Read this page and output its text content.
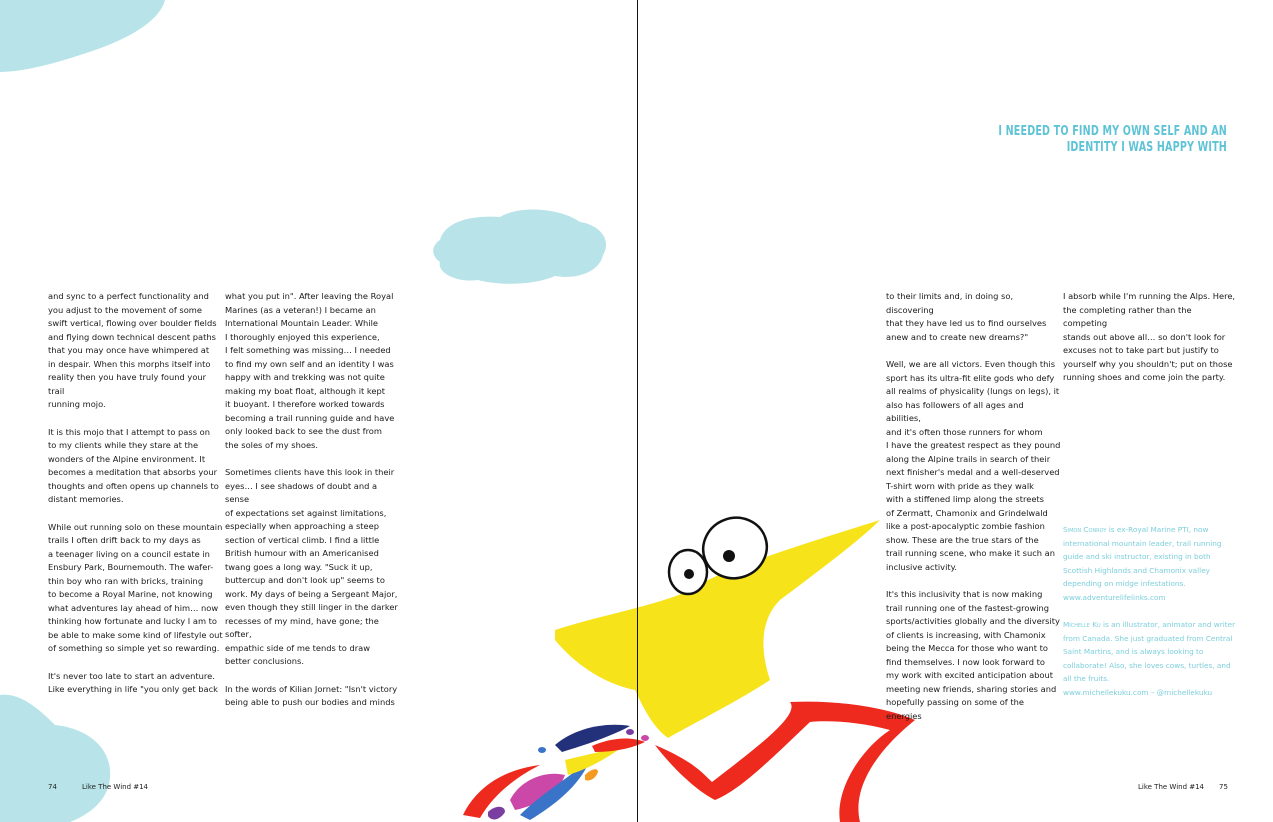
and sync to a perfect functionality and
you adjust to the movement of some
swift vertical, flowing over boulder fields
and flying down technical descent paths
that you may once have whimpered at
in despair. When this morphs itself into
reality then you have truly found your trail
running mojo.

It is this mojo that I attempt to pass on
to my clients while they stare at the
wonders of the Alpine environment. It
becomes a meditation that absorbs your
thoughts and often opens up channels to
distant memories.

While out running solo on these mountain
trails I often drift back to my days as
a teenager living on a council estate in
Ensbury Park, Bournemouth. The wafer-
thin boy who ran with bricks, training
to become a Royal Marine, not knowing
what adventures lay ahead of him… now
thinking how fortunate and lucky I am to
be able to make some kind of lifestyle out
of something so simple yet so rewarding.

It's never too late to start an adventure.
Like everything in life "you only get back

what you put in". After leaving the Royal
Marines (as a veteran!) I became an
International Mountain Leader. While
I thoroughly enjoyed this experience,
I felt something was missing… I needed
to find my own self and an identity I was
happy with and trekking was not quite
making my boat float, although it kept
it buoyant. I therefore worked towards
becoming a trail running guide and have
only looked back to see the dust from
the soles of my shoes.

Sometimes clients have this look in their
eyes… I see shadows of doubt and a sense
of expectations set against limitations,
especially when approaching a steep
section of vertical climb. I find a little
British humour with an Americanised
twang goes a long way. "Suck it up,
buttercup and don't look up" seems to
work. My days of being a Sergeant Major,
even though they still linger in the darker
recesses of my mind, have gone; the softer,
empathic side of me tends to draw
better conclusions.

In the words of Kilian Jornet: "Isn't victory
being able to push our bodies and minds

74	Like The Wind #14
I NEEDED TO FIND MY OWN SELF AND AN
IDENTITY I WAS HAPPY WITH

to their limits and, in doing so, discovering
that they have led us to find ourselves
anew and to create new dreams?"

Well, we are all victors. Even though this
sport has its ultra-fit elite gods who defy
all realms of physicality (lungs on legs), it
also has followers of all ages and abilities,
and it's often those runners for whom
I have the greatest respect as they pound
along the Alpine trails in search of their
next finisher's medal and a well-deserved
T-shirt worn with pride as they walk
with a stiffened limp along the streets
of Zermatt, Chamonix and Grindelwald
like a post-apocalyptic zombie fashion
show. These are the true stars of the
trail running scene, who make it such an
inclusive activity.

It's this inclusivity that is now making
trail running one of the fastest-growing
sports/activities globally and the diversity
of clients is increasing, with Chamonix
being the Mecca for those who want to
find themselves. I now look forward to
my work with excited anticipation about
meeting new friends, sharing stories and
hopefully passing on some of the energies

I absorb while I'm running the Alps. Here,
the completing rather than the competing
stands out above all… so don't look for
excuses not to take part but justify to
yourself why you shouldn't; put on those
running shoes and come join the party.

Simon Conroy is ex-Royal Marine PTI, now international mountain leader, trail running guide and ski instructor, existing in both Scottish Highlands and Chamonix valley depending on midge infestations. www.adventurelifelinks.com

Michelle Ku is an illustrator, animator and writer from Canada. She just graduated from Central Saint Martins, and is always looking to collaborate! Also, she loves cows, turtles, and all the fruits.

www.michellekuku.com – @michellekuku
Like The Wind #14 75
